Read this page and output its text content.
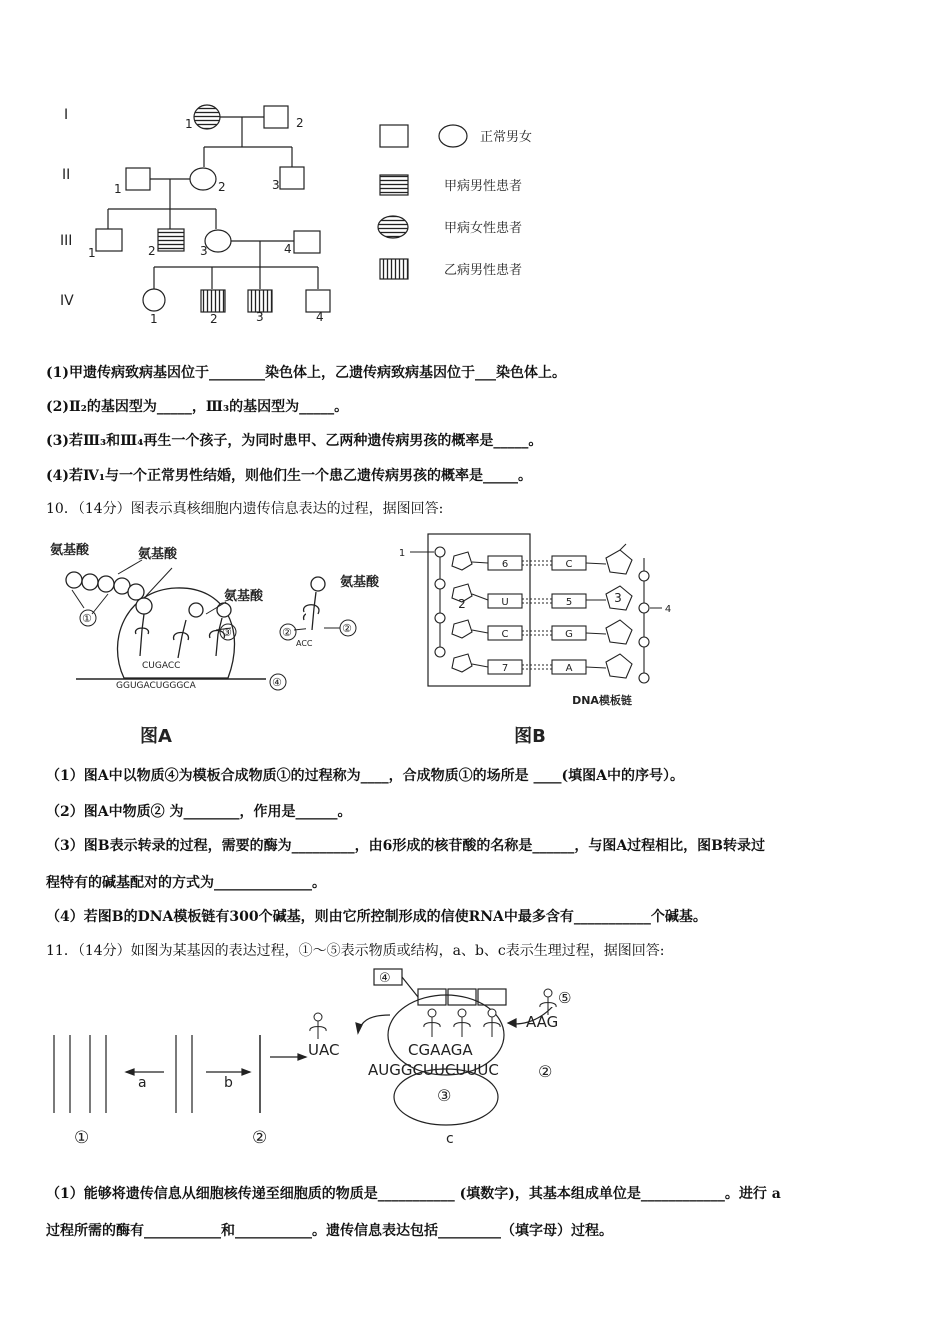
I
II
III
IV
1	2
1	2	3
1	2	3	4
1	2	3	4
正常男女
甲病男性患者
甲病女性患者
乙病男性患者
(1)甲遗传病致病基因位于________染色体上，乙遗传病致病基因位于___染色体上。
(2)Ⅱ₂的基因型为_____，Ⅲ₃的基因型为_____。
(3)若Ⅲ₃和Ⅲ₄再生一个孩子，为同时患甲、乙两种遗传病男孩的概率是_____。
(4)若Ⅳ₁与一个正常男性结婚，则他们生一个患乙遗传病男孩的概率是_____。
10．（14分）图表示真核细胞内遗传信息表达的过程，据图回答:
氨基酸	氨基酸
氨基酸
①
③	②
④
CUGACC
GGUGACUGGGCA
图A
氨基酸
②
ACC
6
U
C
7
C
5
G
A
1
2	3
4
DNA模板链
图B
（1）图A中以物质④为模板合成物质①的过程称为____，合成物质①的场所是 ____(填图A中的序号）。
（2）图A中物质② 为________，作用是______。
（3）图B表示转录的过程，需要的酶为_________，由6形成的核苷酸的名称是______，与图A过程相比，图B转录过
程特有的碱基配对的方式为______________。
（4）若图B的DNA模板链有300个碱基，则由它所控制形成的信使RNA中最多含有___________个碱基。
11．（14分）如图为某基因的表达过程，①～⑤表示物质或结构，a、b、c表示生理过程，据图回答:
a	b
c
①	②
②
③
④
⑤
UAC
AAG
CGAAGA
AUGGCUUCUUUC
（1）能够将遗传信息从细胞核传递至细胞质的物质是___________ (填数字)，其基本组成单位是____________。进行 a
过程所需的酶有___________和___________。遗传信息表达包括_________（填字母）过程。
